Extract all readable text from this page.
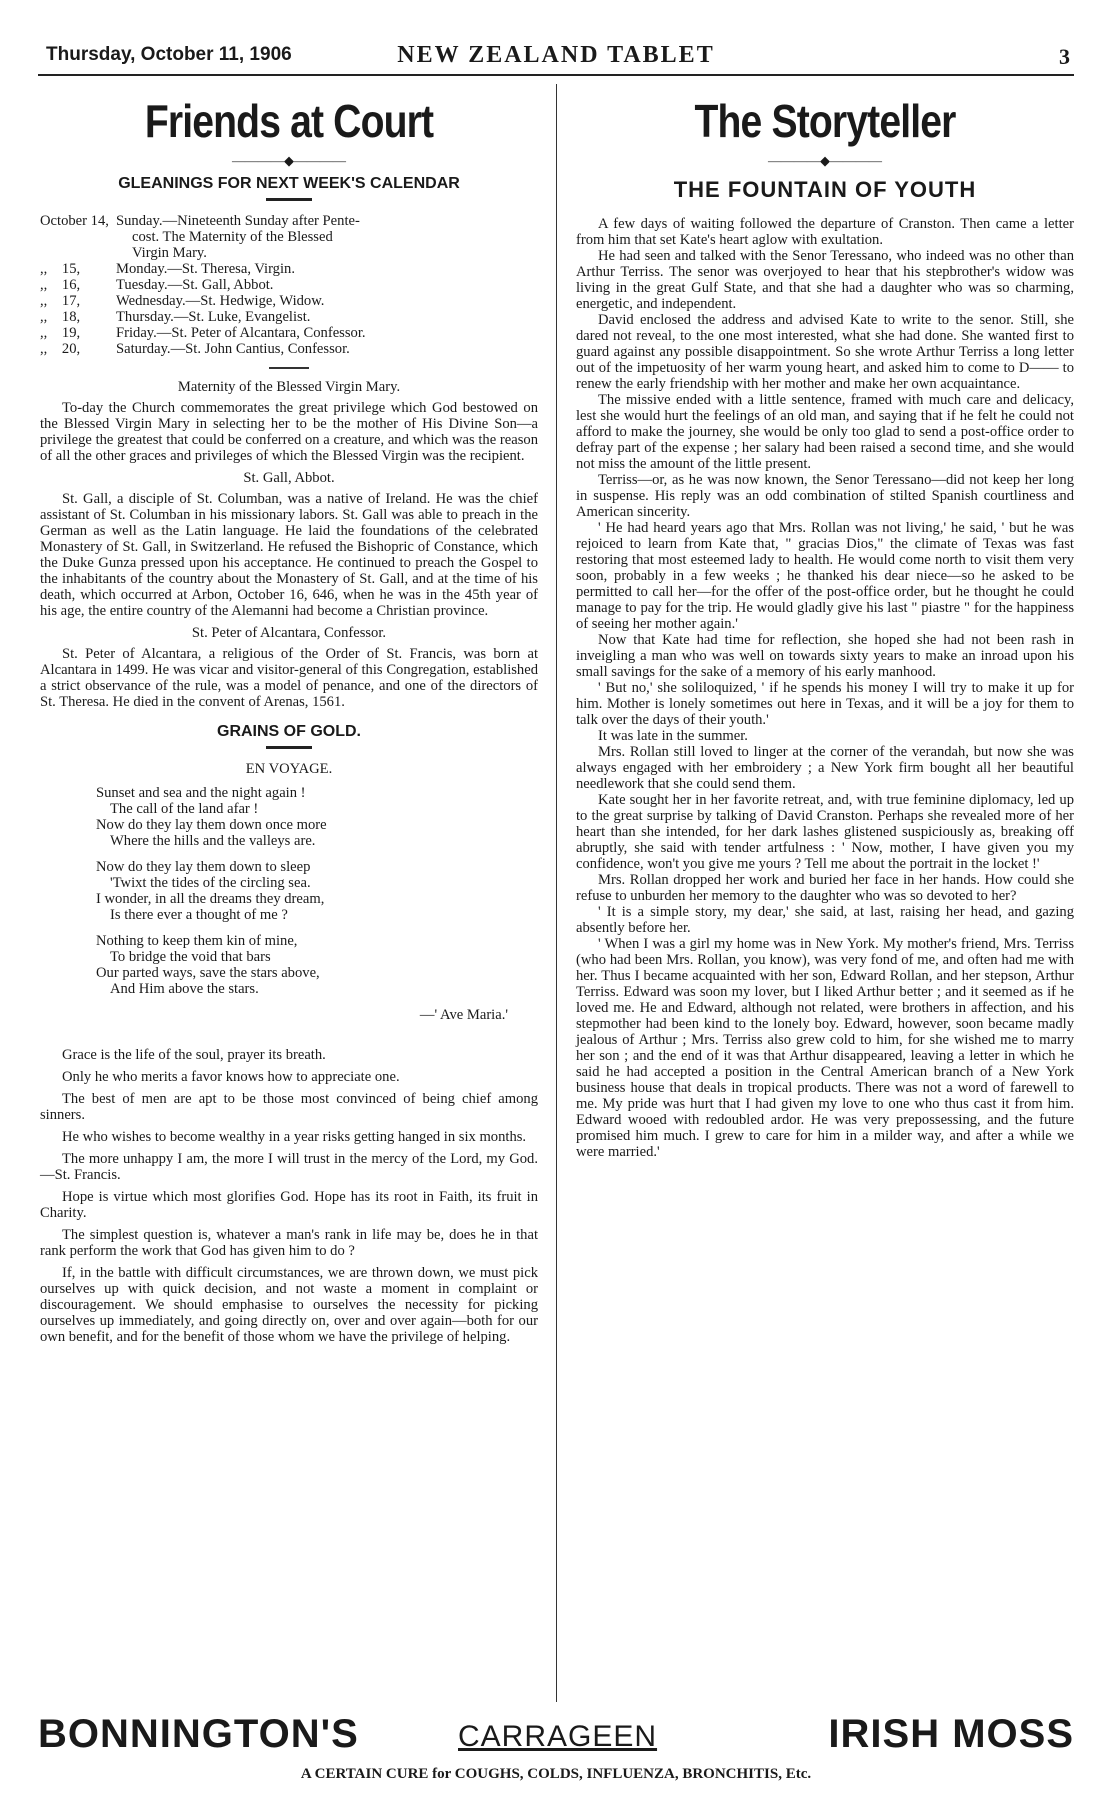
Thursday, October 11, 1906	NEW ZEALAND TABLET	3
Friends at Court
――――◆――――
GLEANINGS FOR NEXT WEEK'S CALENDAR
October 14, Sunday.—Nineteenth Sunday after Pente-
cost. The Maternity of the Blessed
Virgin Mary.
,,    15,	Monday.—St. Theresa, Virgin.
,,    16,	Tuesday.—St. Gall, Abbot.
,,    17,	Wednesday.—St. Hedwige, Widow.
,,    18,	Thursday.—St. Luke, Evangelist.
,,    19,	Friday.—St. Peter of Alcantara, Confessor.
,,    20,	Saturday.—St. John Cantius, Confessor.

Maternity of the Blessed Virgin Mary.

To-day the Church commemorates the great privilege which God bestowed on the Blessed Virgin Mary in selecting her to be the mother of His Divine Son—a privilege the greatest that could be conferred on a creature, and which was the reason of all the other graces and privileges of which the Blessed Virgin was the recipient.

St. Gall, Abbot.

St. Gall, a disciple of St. Columban, was a native of Ireland. He was the chief assistant of St. Columban in his missionary labors. St. Gall was able to preach in the German as well as the Latin language. He laid the foundations of the celebrated Monastery of St. Gall, in Switzerland. He refused the Bishopric of Constance, which the Duke Gunza pressed upon his acceptance. He continued to preach the Gospel to the inhabitants of the country about the Monastery of St. Gall, and at the time of his death, which occurred at Arbon, October 16, 646, when he was in the 45th year of his age, the entire country of the Alemanni had become a Christian province.

St. Peter of Alcantara, Confessor.

St. Peter of Alcantara, a religious of the Order of St. Francis, was born at Alcantara in 1499. He was vicar and visitor-general of this Congregation, established a strict observance of the rule, was a model of penance, and one of the directors of St. Theresa. He died in the convent of Arenas, 1561.

GRAINS OF GOLD.

EN VOYAGE.

Sunset and sea and the night again !
The call of the land afar !
Now do they lay them down once more
Where the hills and the valleys are.
Now do they lay them down to sleep
'Twixt the tides of the circling sea.
I wonder, in all the dreams they dream,
Is there ever a thought of me ?
Nothing to keep them kin of mine,
To bridge the void that bars
Our parted ways, save the stars above,
And Him above the stars.

—' Ave Maria.'

Grace is the life of the soul, prayer its breath.

Only he who merits a favor knows how to appreciate one.

The best of men are apt to be those most convinced of being chief among sinners.

He who wishes to become wealthy in a year risks getting hanged in six months.

The more unhappy I am, the more I will trust in the mercy of the Lord, my God.—St. Francis.

Hope is virtue which most glorifies God. Hope has its root in Faith, its fruit in Charity.

The simplest question is, whatever a man's rank in life may be, does he in that rank perform the work that God has given him to do ?

If, in the battle with difficult circumstances, we are thrown down, we must pick ourselves up with quick decision, and not waste a moment in complaint or discouragement. We should emphasise to ourselves the necessity for picking ourselves up immediately, and going directly on, over and over again—both for our own benefit, and for the benefit of those whom we have the privilege of helping.

The Storyteller
――――◆――――
THE FOUNTAIN OF YOUTH

A few days of waiting followed the departure of Cranston. Then came a letter from him that set Kate's heart aglow with exultation.

He had seen and talked with the Senor Teressano, who indeed was no other than Arthur Terriss. The senor was overjoyed to hear that his stepbrother's widow was living in the great Gulf State, and that she had a daughter who was so charming, energetic, and independent.

David enclosed the address and advised Kate to write to the senor. Still, she dared not reveal, to the one most interested, what she had done. She wanted first to guard against any possible disappointment. So she wrote Arthur Terriss a long letter out of the impetuosity of her warm young heart, and asked him to come to D—— to renew the early friendship with her mother and make her own acquaintance.

The missive ended with a little sentence, framed with much care and delicacy, lest she would hurt the feelings of an old man, and saying that if he felt he could not afford to make the journey, she would be only too glad to send a post-office order to defray part of the expense ; her salary had been raised a second time, and she would not miss the amount of the little present.

Terriss—or, as he was now known, the Senor Teressano—did not keep her long in suspense. His reply was an odd combination of stilted Spanish courtliness and American sincerity.

' He had heard years ago that Mrs. Rollan was not living,' he said, ' but he was rejoiced to learn from Kate that, " gracias Dios," the climate of Texas was fast restoring that most esteemed lady to health. He would come north to visit them very soon, probably in a few weeks ; he thanked his dear niece—so he asked to be permitted to call her—for the offer of the post-office order, but he thought he could manage to pay for the trip. He would gladly give his last " piastre " for the happiness of seeing her mother again.'

Now that Kate had time for reflection, she hoped she had not been rash in inveigling a man who was well on towards sixty years to make an inroad upon his small savings for the sake of a memory of his early manhood.

' But no,' she soliloquized, ' if he spends his money I will try to make it up for him. Mother is lonely sometimes out here in Texas, and it will be a joy for them to talk over the days of their youth.'

It was late in the summer.

Mrs. Rollan still loved to linger at the corner of the verandah, but now she was always engaged with her embroidery ; a New York firm bought all her beautiful needlework that she could send them.

Kate sought her in her favorite retreat, and, with true feminine diplomacy, led up to the great surprise by talking of David Cranston. Perhaps she revealed more of her heart than she intended, for her dark lashes glistened suspiciously as, breaking off abruptly, she said with tender artfulness : ' Now, mother, I have given you my confidence, won't you give me yours ? Tell me about the portrait in the locket !'

Mrs. Rollan dropped her work and buried her face in her hands. How could she refuse to unburden her memory to the daughter who was so devoted to her?

' It is a simple story, my dear,' she said, at last, raising her head, and gazing absently before her.

' When I was a girl my home was in New York. My mother's friend, Mrs. Terriss (who had been Mrs. Rollan, you know), was very fond of me, and often had me with her. Thus I became acquainted with her son, Edward Rollan, and her stepson, Arthur Terriss. Edward was soon my lover, but I liked Arthur better ; and it seemed as if he loved me. He and Edward, although not related, were brothers in affection, and his stepmother had been kind to the lonely boy. Edward, however, soon became madly jealous of Arthur ; Mrs. Terriss also grew cold to him, for she wished me to marry her son ; and the end of it was that Arthur disappeared, leaving a letter in which he said he had accepted a position in the Central American branch of a New York business house that deals in tropical products. There was not a word of farewell to me. My pride was hurt that I had given my love to one who thus cast it from him. Edward wooed with redoubled ardor. He was very prepossessing, and the future promised him much. I grew to care for him in a milder way, and after a while we were married.'

BONNINGTON'S	CARRAGEEN	IRISH MOSS
A CERTAIN CURE for COUGHS, COLDS, INFLUENZA, BRONCHITIS, Etc.
